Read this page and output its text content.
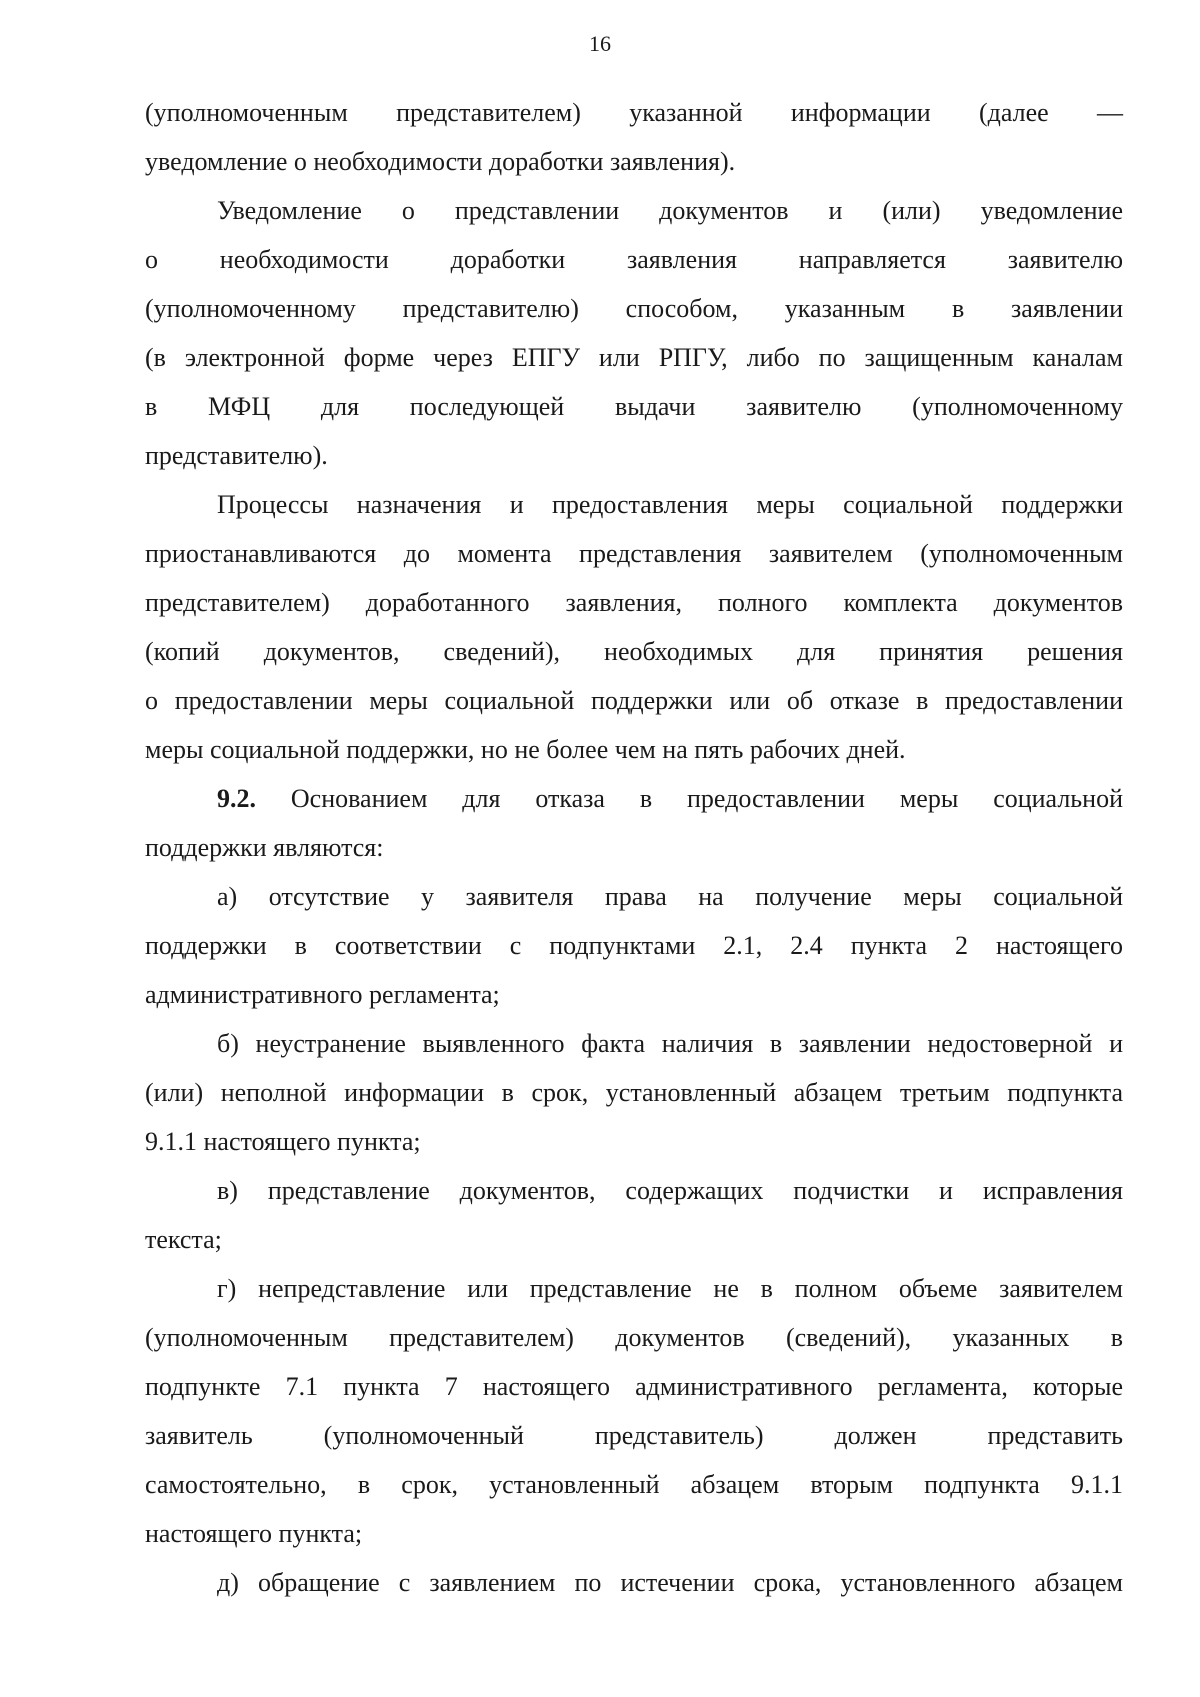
16
(уполномоченным представителем) указанной информации (далее —
уведомление о необходимости доработки заявления).
Уведомление о представлении документов и (или) уведомление
о необходимости доработки заявления направляется заявителю
(уполномоченному представителю) способом, указанным в заявлении
(в электронной форме через ЕПГУ или РПГУ, либо по защищенным каналам
в МФЦ для последующей выдачи заявителю (уполномоченному
представителю).
Процессы назначения и предоставления меры социальной поддержки
приостанавливаются до момента представления заявителем (уполномоченным
представителем) доработанного заявления, полного комплекта документов
(копий документов, сведений), необходимых для принятия решения
о предоставлении меры социальной поддержки или об отказе в предоставлении
меры социальной поддержки, но не более чем на пять рабочих дней.
9.2. Основанием для отказа в предоставлении меры социальной
поддержки являются:
а) отсутствие у заявителя права на получение меры социальной
поддержки в соответствии с подпунктами 2.1, 2.4 пункта 2 настоящего
административного регламента;
б) неустранение выявленного факта наличия в заявлении недостоверной и
(или) неполной информации в срок, установленный абзацем третьим подпункта
9.1.1 настоящего пункта;
в) представление документов, содержащих подчистки и исправления
текста;
г) непредставление или представление не в полном объеме заявителем
(уполномоченным представителем) документов (сведений), указанных в
подпункте 7.1 пункта 7 настоящего административного регламента, которые
заявитель (уполномоченный представитель) должен представить
самостоятельно, в срок, установленный абзацем вторым подпункта 9.1.1
настоящего пункта;
д) обращение с заявлением по истечении срока, установленного абзацем
